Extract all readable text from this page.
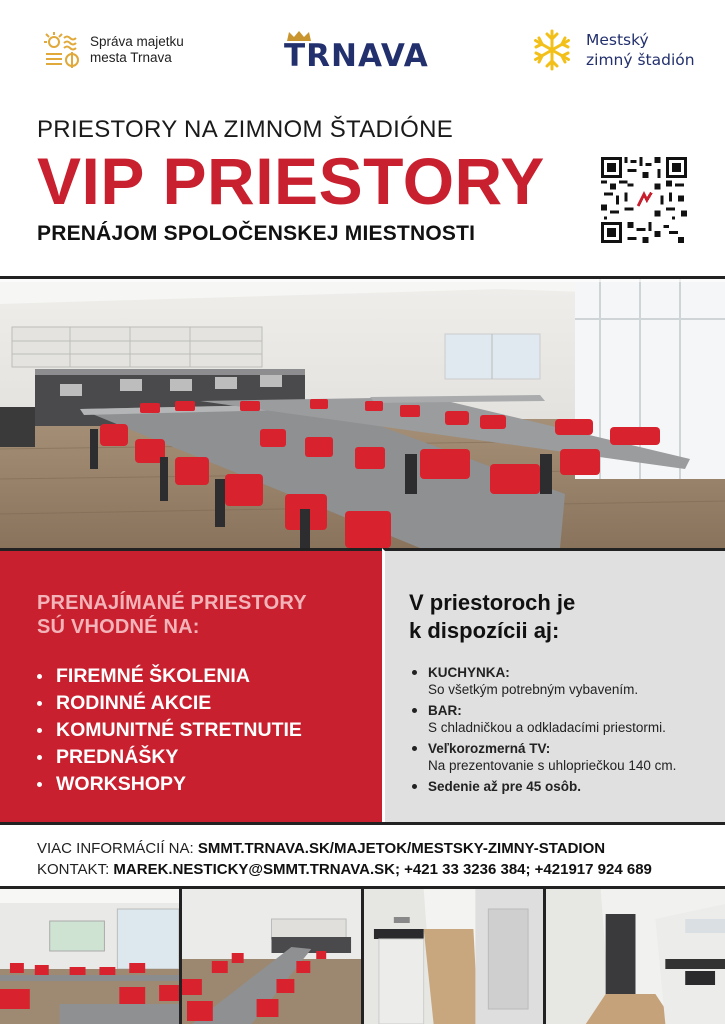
Správa majetku
mesta Trnava	TRNAVA	Mestský
zimný štadión
PRIESTORY NA ZIMNOM ŠTADIÓNE
VIP PRIESTORY
PRENÁJOM SPOLOČENSKEJ MIESTNOSTI
PRENAJÍMANÉ PRIESTORY
SÚ VHODNÉ NA:
FIREMNÉ ŠKOLENIA
RODINNÉ AKCIE
KOMUNITNÉ STRETNUTIE
PREDNÁŠKY
WORKSHOPY
V priestoroch je
k dispozícii aj:
KUCHYNKA:
So všetkým potrebným vybavením.
BAR:
S chladničkou a odkladacími priestormi.
Veľkorozmerná TV:
Na prezentovanie s uhlopriečkou 140 cm.
Sedenie až pre 45 osôb.
VIAC INFORMÁCIÍ NA: SMMT.TRNAVA.SK/MAJETOK/MESTSKY-ZIMNY-STADION
KONTAKT: MAREK.NESTICKY@SMMT.TRNAVA.SK; +421 33 3236 384; +421917 924 689
